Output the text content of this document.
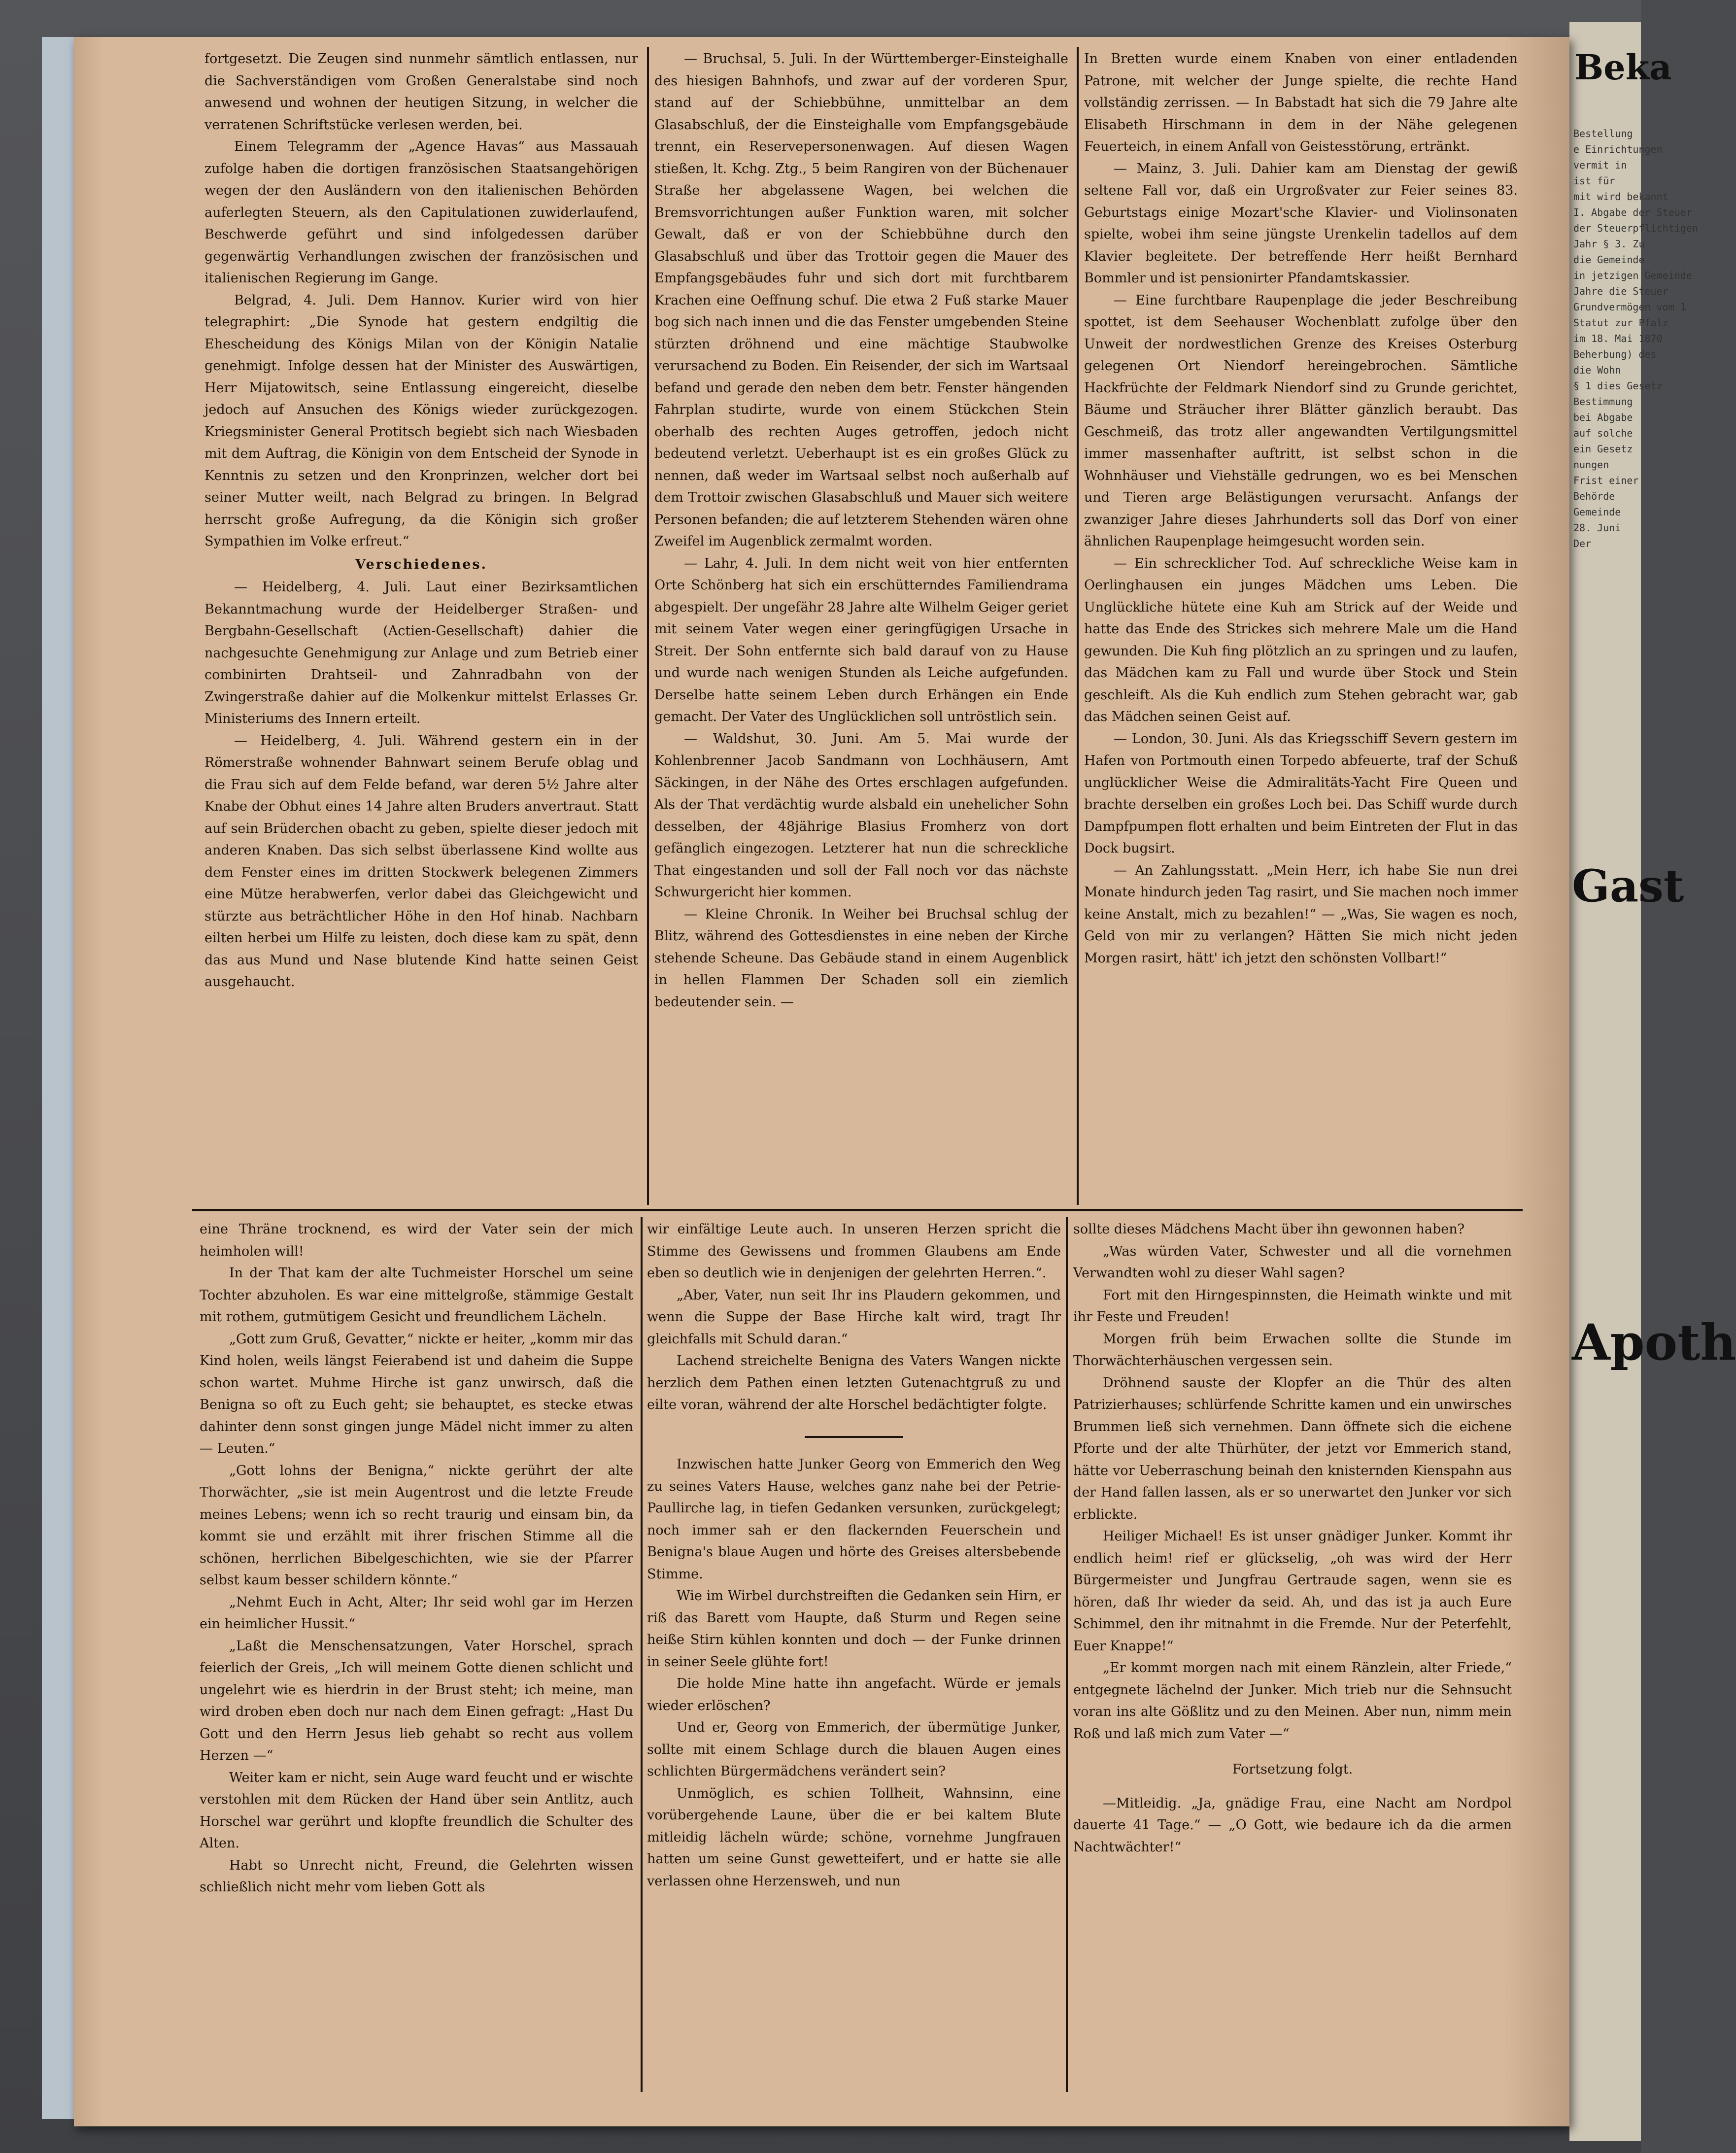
Beka
Bestellung
e Einrichtungen
vermit in
ist für
mit wird bekannt
I. Abgabe der Steuer
der Steuerpflichtigen
Jahr § 3. Zu
die Gemeinde
in jetzigen Gemeinde
Jahre die Steuer
Grundvermögen vom 1
Statut zur Pfalz
im 18. Mai 1870
Beherbung) des
die Wohn
§ 1 dies Gesetz
Bestimmung
bei Abgabe
auf solche
ein Gesetz
nungen
Frist einer
Behörde
Gemeinde
28. Juni
Der
Gast
Apoth

fortgesetzt. Die Zeugen sind nunmehr sämtlich entlassen, nur die Sachverständigen vom Großen Generalstabe sind noch anwesend und wohnen der heutigen Sitzung, in welcher die verratenen Schriftstücke verlesen werden, bei.

Einem Telegramm der „Agence Havas“ aus Massauah zufolge haben die dortigen französischen Staatsangehörigen wegen der den Ausländern von den italienischen Behörden auferlegten Steuern, als den Capitulationen zuwiderlaufend, Beschwerde geführt und sind infolgedessen darüber gegenwärtig Verhandlungen zwischen der französischen und italienischen Regierung im Gange.

Belgrad, 4. Juli. Dem Hannov. Kurier wird von hier telegraphirt: „Die Synode hat gestern endgiltig die Ehescheidung des Königs Milan von der Königin Natalie genehmigt. Infolge dessen hat der Minister des Auswärtigen, Herr Mijatowitsch, seine Entlassung eingereicht, dieselbe jedoch auf Ansuchen des Königs wieder zurückgezogen. Kriegsminister General Protitsch begiebt sich nach Wiesbaden mit dem Auftrag, die Königin von dem Entscheid der Synode in Kenntnis zu setzen und den Kronprinzen, welcher dort bei seiner Mutter weilt, nach Belgrad zu bringen. In Belgrad herrscht große Aufregung, da die Königin sich großer Sympathien im Volke erfreut.“

Verschiedenes.

— Heidelberg, 4. Juli. Laut einer Bezirksamtlichen Bekanntmachung wurde der Heidelberger Straßen- und Bergbahn-Gesellschaft (Actien-Gesellschaft) dahier die nachgesuchte Genehmigung zur Anlage und zum Betrieb einer combinirten Drahtseil- und Zahnradbahn von der Zwingerstraße dahier auf die Molkenkur mittelst Erlasses Gr. Ministeriums des Innern erteilt.

— Heidelberg, 4. Juli. Während gestern ein in der Römerstraße wohnender Bahnwart seinem Berufe oblag und die Frau sich auf dem Felde befand, war deren 5½ Jahre alter Knabe der Obhut eines 14 Jahre alten Bruders anvertraut. Statt auf sein Brüderchen obacht zu geben, spielte dieser jedoch mit anderen Knaben. Das sich selbst überlassene Kind wollte aus dem Fenster eines im dritten Stockwerk belegenen Zimmers eine Mütze herabwerfen, verlor dabei das Gleichgewicht und stürzte aus beträchtlicher Höhe in den Hof hinab. Nachbarn eilten herbei um Hilfe zu leisten, doch diese kam zu spät, denn das aus Mund und Nase blutende Kind hatte seinen Geist ausgehaucht.

— Bruchsal, 5. Juli. In der Württemberger-Einsteighalle des hiesigen Bahnhofs, und zwar auf der vorderen Spur, stand auf der Schiebbühne, unmittelbar an dem Glasabschluß, der die Einsteighalle vom Empfangsgebäude trennt, ein Reservepersonenwagen. Auf diesen Wagen stießen, lt. Kchg. Ztg., 5 beim Rangiren von der Büchenauer Straße her abgelassene Wagen, bei welchen die Bremsvorrichtungen außer Funktion waren, mit solcher Gewalt, daß er von der Schiebbühne durch den Glasabschluß und über das Trottoir gegen die Mauer des Empfangsgebäudes fuhr und sich dort mit furchtbarem Krachen eine Oeffnung schuf. Die etwa 2 Fuß starke Mauer bog sich nach innen und die das Fenster umgebenden Steine stürzten dröhnend und eine mächtige Staubwolke verursachend zu Boden. Ein Reisender, der sich im Wartsaal befand und gerade den neben dem betr. Fenster hängenden Fahrplan studirte, wurde von einem Stückchen Stein oberhalb des rechten Auges getroffen, jedoch nicht bedeutend verletzt. Ueberhaupt ist es ein großes Glück zu nennen, daß weder im Wartsaal selbst noch außerhalb auf dem Trottoir zwischen Glasabschluß und Mauer sich weitere Personen befanden; die auf letzterem Stehenden wären ohne Zweifel im Augenblick zermalmt worden.

— Lahr, 4. Juli. In dem nicht weit von hier entfernten Orte Schönberg hat sich ein erschütterndes Familiendrama abgespielt. Der ungefähr 28 Jahre alte Wilhelm Geiger geriet mit seinem Vater wegen einer geringfügigen Ursache in Streit. Der Sohn entfernte sich bald darauf von zu Hause und wurde nach wenigen Stunden als Leiche aufgefunden. Derselbe hatte seinem Leben durch Erhängen ein Ende gemacht. Der Vater des Unglücklichen soll untröstlich sein.

— Waldshut, 30. Juni. Am 5. Mai wurde der Kohlenbrenner Jacob Sandmann von Lochhäusern, Amt Säckingen, in der Nähe des Ortes erschlagen aufgefunden. Als der That verdächtig wurde alsbald ein unehelicher Sohn desselben, der 48jährige Blasius Fromherz von dort gefänglich eingezogen. Letzterer hat nun die schreckliche That eingestanden und soll der Fall noch vor das nächste Schwurgericht hier kommen.

— Kleine Chronik. In Weiher bei Bruchsal schlug der Blitz, während des Gottesdienstes in eine neben der Kirche stehende Scheune. Das Gebäude stand in einem Augenblick in hellen Flammen Der Schaden soll ein ziemlich bedeutender sein. —

In Bretten wurde einem Knaben von einer entladenden Patrone, mit welcher der Junge spielte, die rechte Hand vollständig zerrissen. — In Babstadt hat sich die 79 Jahre alte Elisabeth Hirschmann in dem in der Nähe gelegenen Feuerteich, in einem Anfall von Geistesstörung, ertränkt.

— Mainz, 3. Juli. Dahier kam am Dienstag der gewiß seltene Fall vor, daß ein Urgroßvater zur Feier seines 83. Geburtstags einige Mozart'sche Klavier- und Violinsonaten spielte, wobei ihm seine jüngste Urenkelin tadellos auf dem Klavier begleitete. Der betreffende Herr heißt Bernhard Bommler und ist pensionirter Pfandamtskassier.

— Eine furchtbare Raupenplage die jeder Beschreibung spottet, ist dem Seehauser Wochenblatt zufolge über den Unweit der nordwestlichen Grenze des Kreises Osterburg gelegenen Ort Niendorf hereingebrochen. Sämtliche Hackfrüchte der Feldmark Niendorf sind zu Grunde gerichtet, Bäume und Sträucher ihrer Blätter gänzlich beraubt. Das Geschmeiß, das trotz aller angewandten Vertilgungsmittel immer massenhafter auftritt, ist selbst schon in die Wohnhäuser und Viehställe gedrungen, wo es bei Menschen und Tieren arge Belästigungen verursacht. Anfangs der zwanziger Jahre dieses Jahrhunderts soll das Dorf von einer ähnlichen Raupenplage heimgesucht worden sein.

— Ein schrecklicher Tod. Auf schreckliche Weise kam in Oerlinghausen ein junges Mädchen ums Leben. Die Unglückliche hütete eine Kuh am Strick auf der Weide und hatte das Ende des Strickes sich mehrere Male um die Hand gewunden. Die Kuh fing plötzlich an zu springen und zu laufen, das Mädchen kam zu Fall und wurde über Stock und Stein geschleift. Als die Kuh endlich zum Stehen gebracht war, gab das Mädchen seinen Geist auf.

— London, 30. Juni. Als das Kriegsschiff Severn gestern im Hafen von Portmouth einen Torpedo abfeuerte, traf der Schuß unglücklicher Weise die Admiralitäts-Yacht Fire Queen und brachte derselben ein großes Loch bei. Das Schiff wurde durch Dampfpumpen flott erhalten und beim Eintreten der Flut in das Dock bugsirt.

— An Zahlungsstatt. „Mein Herr, ich habe Sie nun drei Monate hindurch jeden Tag rasirt, und Sie machen noch immer keine Anstalt, mich zu bezahlen!“ — „Was, Sie wagen es noch, Geld von mir zu verlangen? Hätten Sie mich nicht jeden Morgen rasirt, hätt' ich jetzt den schönsten Vollbart!“

eine Thräne trocknend, es wird der Vater sein der mich heimholen will!

In der That kam der alte Tuchmeister Horschel um seine Tochter abzuholen. Es war eine mittelgroße, stämmige Gestalt mit rothem, gutmütigem Gesicht und freundlichem Lächeln.

„Gott zum Gruß, Gevatter,“ nickte er heiter, „komm mir das Kind holen, weils längst Feierabend ist und daheim die Suppe schon wartet. Muhme Hirche ist ganz unwirsch, daß die Benigna so oft zu Euch geht; sie behauptet, es stecke etwas dahinter denn sonst gingen junge Mädel nicht immer zu alten — Leuten.“

„Gott lohns der Benigna,“ nickte gerührt der alte Thorwächter, „sie ist mein Augentrost und die letzte Freude meines Lebens; wenn ich so recht traurig und einsam bin, da kommt sie und erzählt mit ihrer frischen Stimme all die schönen, herrlichen Bibelgeschichten, wie sie der Pfarrer selbst kaum besser schildern könnte.“

„Nehmt Euch in Acht, Alter; Ihr seid wohl gar im Herzen ein heimlicher Hussit.“

„Laßt die Menschensatzungen, Vater Horschel, sprach feierlich der Greis, „Ich will meinem Gotte dienen schlicht und ungelehrt wie es hierdrin in der Brust steht; ich meine, man wird droben eben doch nur nach dem Einen gefragt: „Hast Du Gott und den Herrn Jesus lieb gehabt so recht aus vollem Herzen —“

Weiter kam er nicht, sein Auge ward feucht und er wischte verstohlen mit dem Rücken der Hand über sein Antlitz, auch Horschel war gerührt und klopfte freundlich die Schulter des Alten.

Habt so Unrecht nicht, Freund, die Gelehrten wissen schließlich nicht mehr vom lieben Gott als

wir einfältige Leute auch. In unseren Herzen spricht die Stimme des Gewissens und frommen Glaubens am Ende eben so deutlich wie in denjenigen der gelehrten Herren.“.

„Aber, Vater, nun seit Ihr ins Plaudern gekommen, und wenn die Suppe der Base Hirche kalt wird, tragt Ihr gleichfalls mit Schuld daran.“

Lachend streichelte Benigna des Vaters Wangen nickte herzlich dem Pathen einen letzten Gutenachtgruß zu und eilte voran, während der alte Horschel bedächtigter folgte.

Inzwischen hatte Junker Georg von Emmerich den Weg zu seines Vaters Hause, welches ganz nahe bei der Petrie-Paullirche lag, in tiefen Gedanken versunken, zurückgelegt; noch immer sah er den flackernden Feuerschein und Benigna's blaue Augen und hörte des Greises altersbebende Stimme.

Wie im Wirbel durchstreiften die Gedanken sein Hirn, er riß das Barett vom Haupte, daß Sturm und Regen seine heiße Stirn kühlen konnten und doch — der Funke drinnen in seiner Seele glühte fort!

Die holde Mine hatte ihn angefacht. Würde er jemals wieder erlöschen?

Und er, Georg von Emmerich, der übermütige Junker, sollte mit einem Schlage durch die blauen Augen eines schlichten Bürgermädchens verändert sein?

Unmöglich, es schien Tollheit, Wahnsinn, eine vorübergehende Laune, über die er bei kaltem Blute mitleidig lächeln würde; schöne, vornehme Jungfrauen hatten um seine Gunst gewetteifert, und er hatte sie alle verlassen ohne Herzensweh, und nun

sollte dieses Mädchens Macht über ihn gewonnen haben?

„Was würden Vater, Schwester und all die vornehmen Verwandten wohl zu dieser Wahl sagen?

Fort mit den Hirngespinnsten, die Heimath winkte und mit ihr Feste und Freuden!

Morgen früh beim Erwachen sollte die Stunde im Thorwächterhäuschen vergessen sein.

Dröhnend sauste der Klopfer an die Thür des alten Patrizierhauses; schlürfende Schritte kamen und ein unwirsches Brummen ließ sich vernehmen. Dann öffnete sich die eichene Pforte und der alte Thürhüter, der jetzt vor Emmerich stand, hätte vor Ueberraschung beinah den knisternden Kienspahn aus der Hand fallen lassen, als er so unerwartet den Junker vor sich erblickte.

Heiliger Michael! Es ist unser gnädiger Junker. Kommt ihr endlich heim! rief er glückselig, „oh was wird der Herr Bürgermeister und Jungfrau Gertraude sagen, wenn sie es hören, daß Ihr wieder da seid. Ah, und das ist ja auch Eure Schimmel, den ihr mitnahmt in die Fremde. Nur der Peterfehlt, Euer Knappe!“

„Er kommt morgen nach mit einem Ränzlein, alter Friede,“ entgegnete lächelnd der Junker. Mich trieb nur die Sehnsucht voran ins alte Gößlitz und zu den Meinen. Aber nun, nimm mein Roß und laß mich zum Vater —“

Fortsetzung folgt.

—Mitleidig. „Ja, gnädige Frau, eine Nacht am Nordpol dauerte 41 Tage.“ — „O Gott, wie bedaure ich da die armen Nachtwächter!“
